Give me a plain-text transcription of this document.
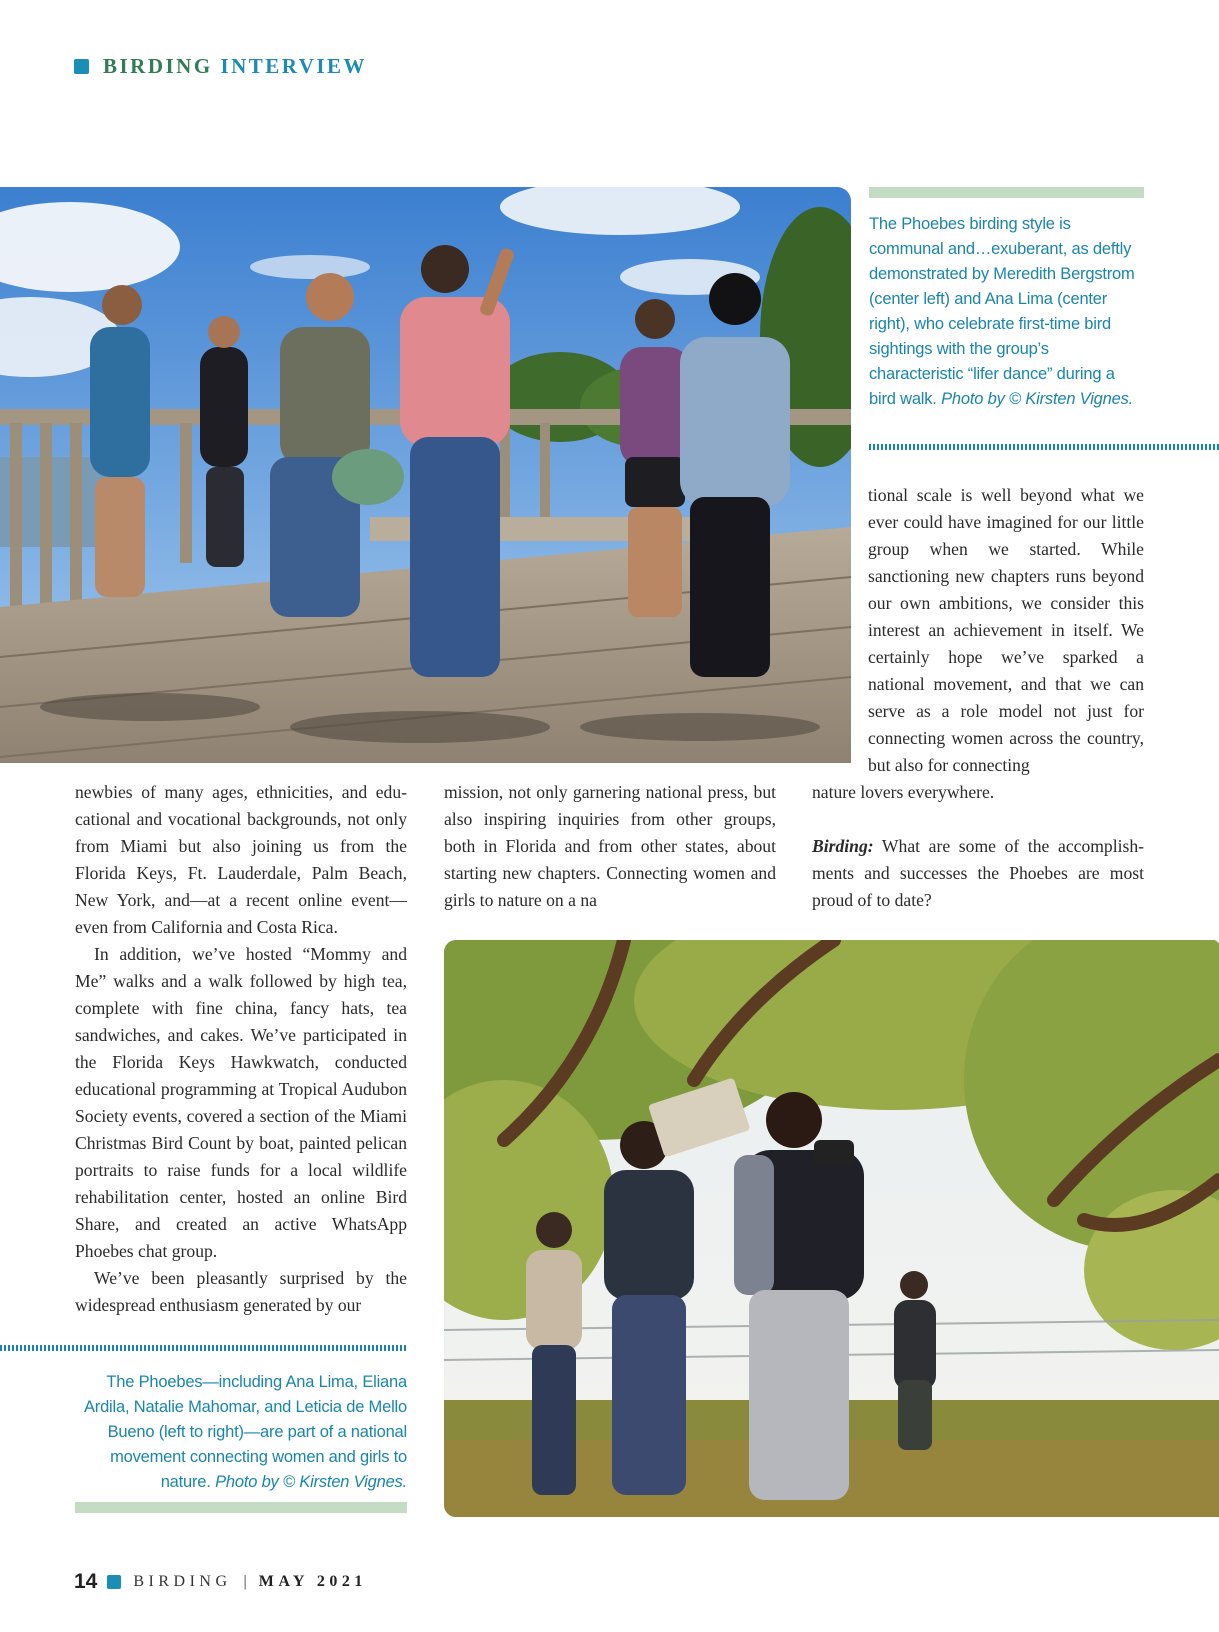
BIRDING INTERVIEW
The Phoebes birding style is communal and…exuberant, as deftly demonstrated by Meredith Bergstrom (center left) and Ana Lima (center right), who celebrate first-time bird sightings with the group’s characteristic “lifer dance” during a bird walk. Photo by © Kirsten Vignes.

tional scale is well beyond what we ever could have imagined for our little group when we started. While sanctioning new chapters runs beyond our own ambitions, we consider this interest an achievement in itself. We certainly hope we’ve sparked a national movement, and that we can serve as a role model not just for connecting women across the country, but also for connecting

newbies of many ages, ethnicities, and educational and vocational backgrounds, not only from Miami but also joining us from the Florida Keys, Ft. Lauderdale, Palm Beach, New York, and—at a recent online event—even from California and Costa Rica.

In addition, we’ve hosted “Mommy and Me” walks and a walk followed by high tea, complete with fine china, fancy hats, tea sandwiches, and cakes. We’ve participated in the Florida Keys Hawkwatch, conducted educational programming at Tropical Audubon Society events, covered a section of the Miami Christmas Bird Count by boat, painted pelican portraits to raise funds for a local wildlife rehabilitation center, hosted an online Bird Share, and created an active WhatsApp Phoebes chat group.

We’ve been pleasantly surprised by the widespread enthusiasm generated by our

mission, not only garnering national press, but also inspiring inquiries from other groups, both in Florida and from other states, about starting new chapters. Connecting women and girls to nature on a na

nature lovers everywhere.

Birding: What are some of the accomplishments and successes the Phoebes are most proud of to date?

The Phoebes—including Ana Lima, Eliana Ardila, Natalie Mahomar, and Leticia de Mello Bueno (left to right)—are part of a national movement connecting women and girls to nature. Photo by © Kirsten Vignes.
14 BIRDING | MAY 2021
